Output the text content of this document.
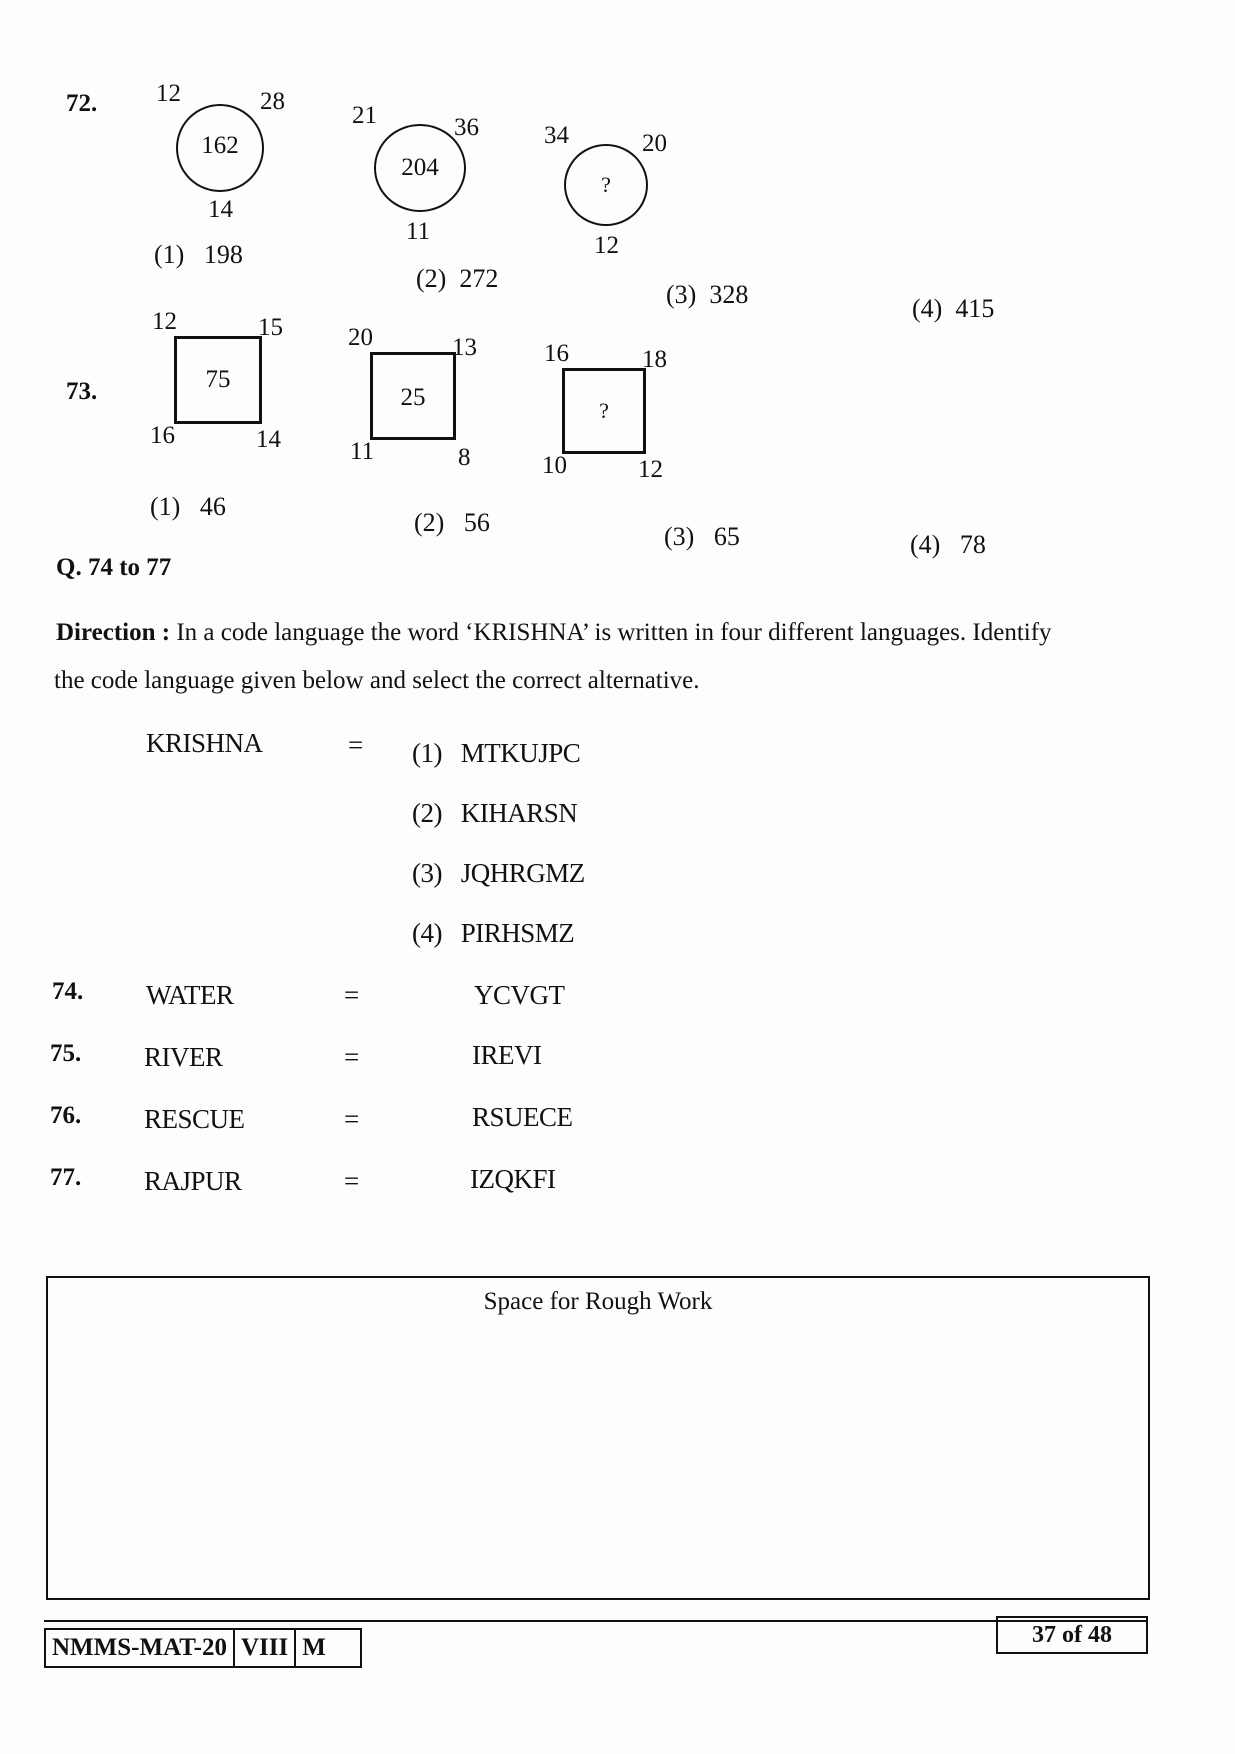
72. 12	28
162
14
21	36
204
11
34	20
?
12
(1) 198
(2) 272
(3) 328	(4) 415
73.
12	15
75
16	14
20	13
25
11	8
16	18
?
10	12
(1) 46
(2) 56	(3) 65	(4) 78
Q. 74 to 77
Direction : In a code language the word ‘KRISHNA’ is written in four different languages. Identify
the code language given below and select the correct alternative.
KRISHNA	= (1) MTKUJPC
(2) KIHARSN
(3) JQHRGMZ
(4) PIRHSMZ
74. WATER	=	YCVGT
75. RIVER	=	IREVI
76. RESCUE	=	RSUECE
77. RAJPUR	=	IZQKFI
Space for Rough Work
NMMS-MAT-20 VIII M	37 of 48
